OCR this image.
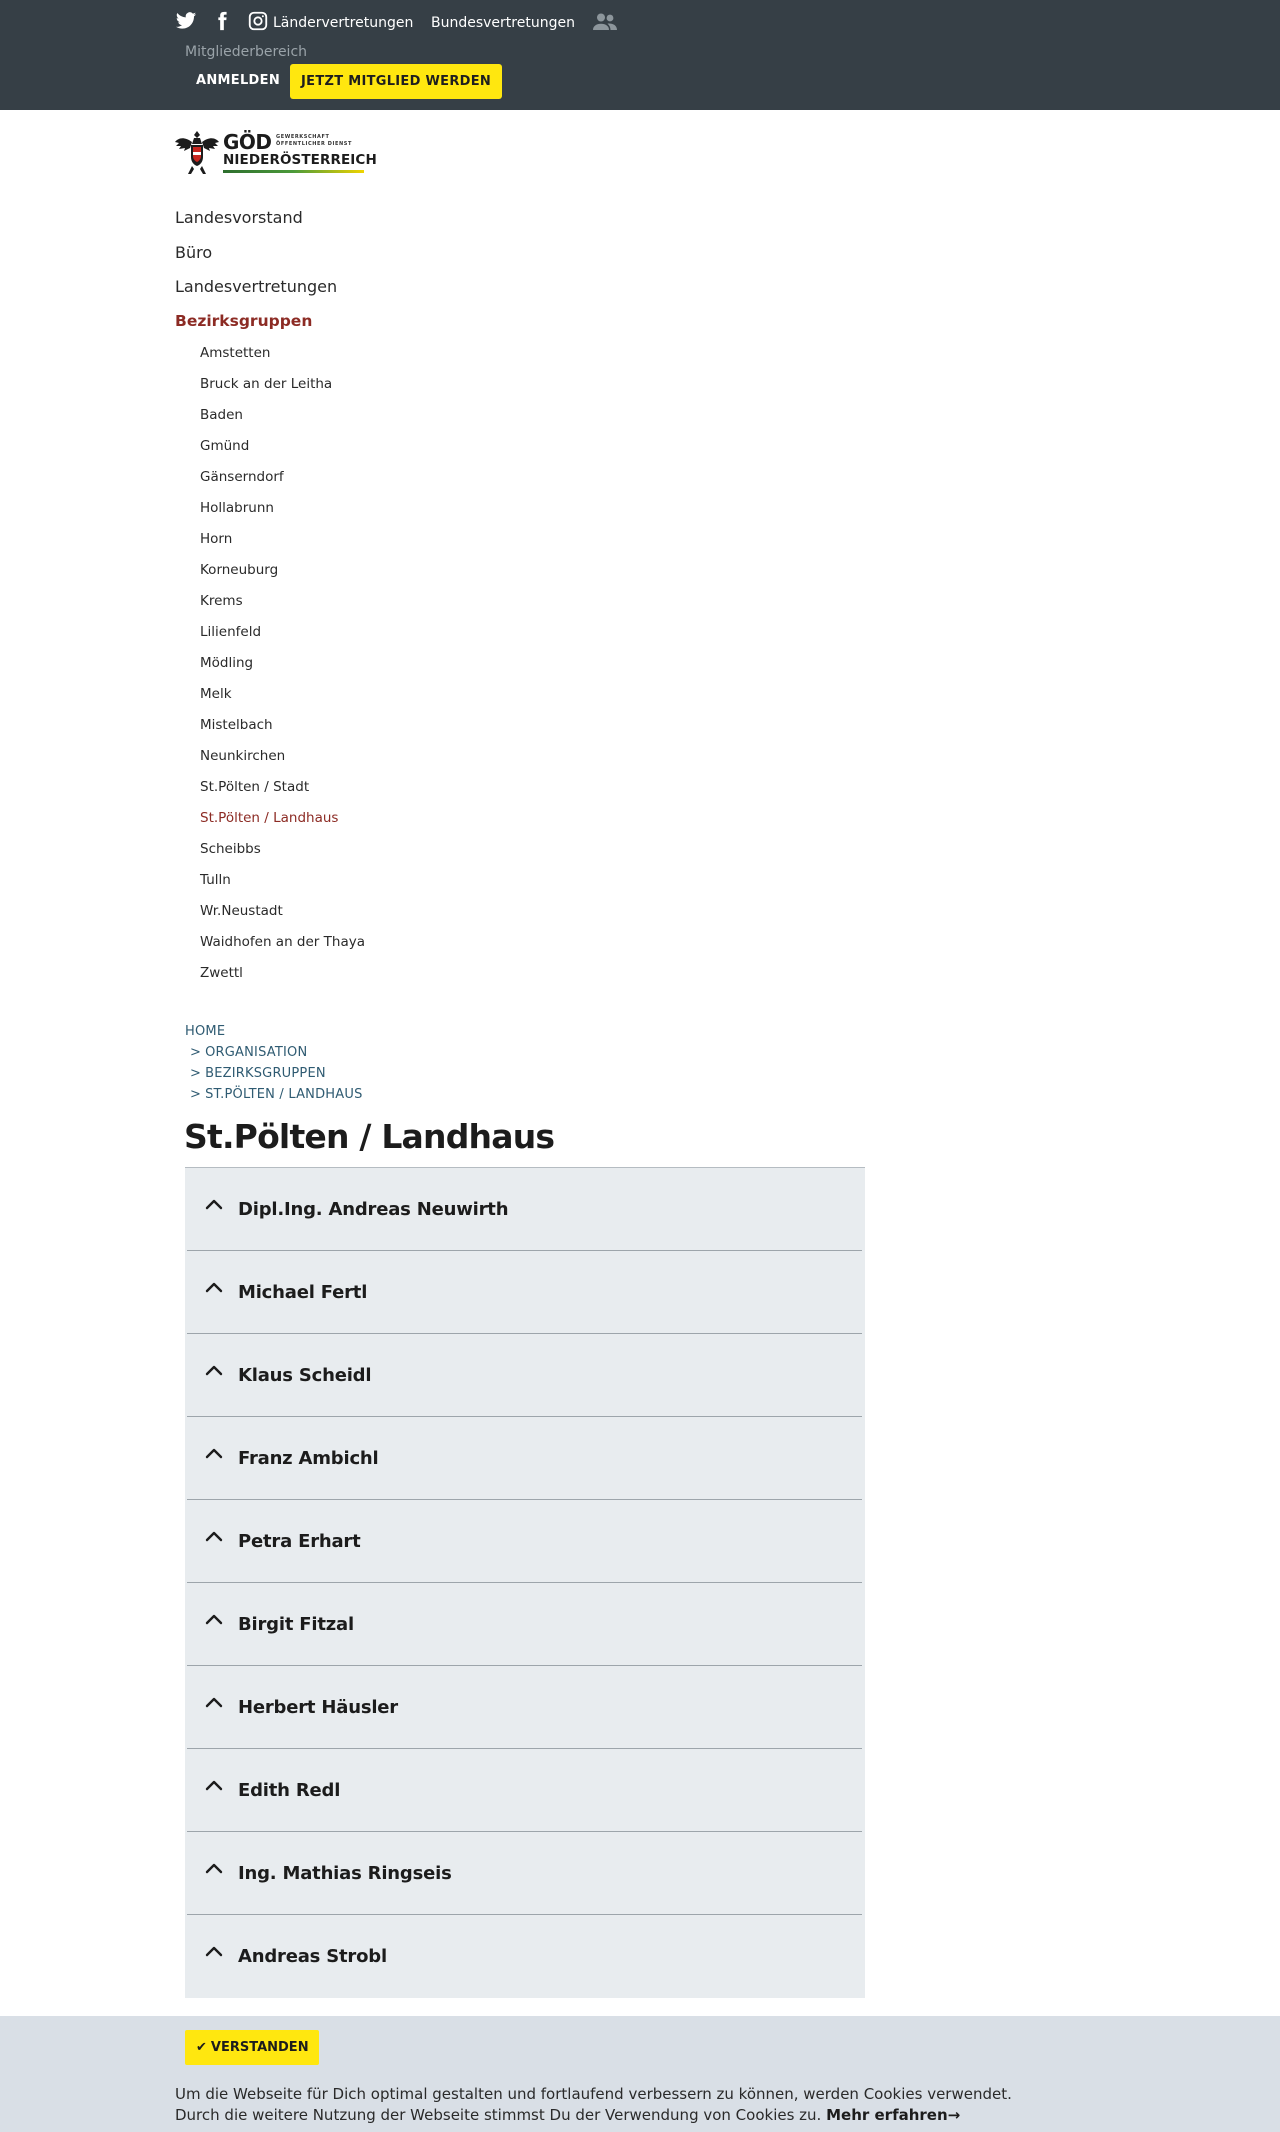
Ländervertretungen Bundesvertretungen
Mitgliederbereich
ANMELDEN	JETZT MITGLIED WERDEN
GÖD GEWERKSCHAFT
ÖFFENTLICHER DIENST
NIEDERÖSTERREICH
Landesvorstand
Büro
Landesvertretungen
Bezirksgruppen
Amstetten
Bruck an der Leitha
Baden
Gmünd
Gänserndorf
Hollabrunn
Horn
Korneuburg
Krems
Lilienfeld
Mödling
Melk
Mistelbach
Neunkirchen
St.Pölten / Stadt
St.Pölten / Landhaus
Scheibbs
Tulln
Wr.Neustadt
Waidhofen an der Thaya
Zwettl
HOME
> ORGANISATION
> BEZIRKSGRUPPEN
> ST.PÖLTEN / LANDHAUS
St.Pölten / Landhaus
Dipl.Ing. Andreas Neuwirth
Michael Fertl
Klaus Scheidl
Franz Ambichl
Petra Erhart
Birgit Fitzal
Herbert Häusler
Edith Redl
Ing. Mathias Ringseis
Andreas Strobl
✔ VERSTANDEN
Um die Webseite für Dich optimal gestalten und fortlaufend verbessern zu können, werden Cookies verwendet.
Durch die weitere Nutzung der Webseite stimmst Du der Verwendung von Cookies zu. Mehr erfahren→
